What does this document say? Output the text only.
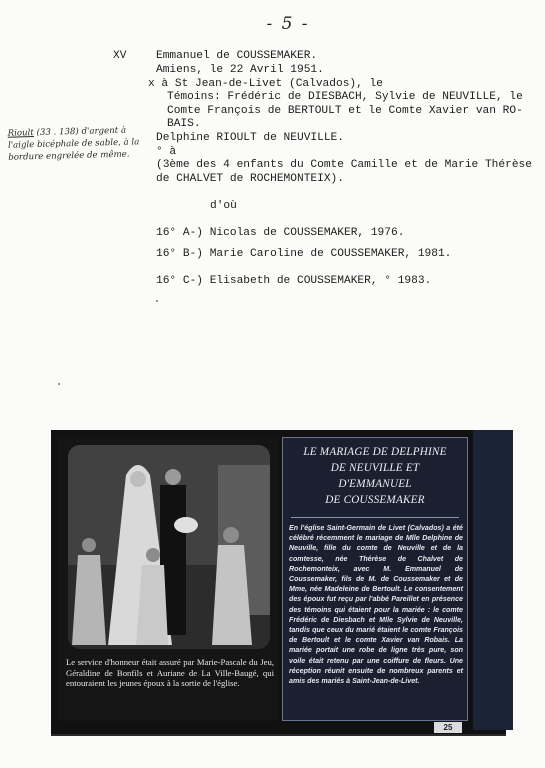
- 5 -
XV	Emmanuel de COUSSEMAKER.
Amiens, le 22 Avril 1951.
x à St Jean-de-Livet (Calvados), le
Témoins: Frédéric de DIESBACH, Sylvie de NEUVILLE, le
Comte François de BERTOULT et le Comte Xavier van RO-
BAIS.
Delphine RIOULT de NEUVILLE.
° à
(3ème des 4 enfants du Comte Camille et de Marie Thérèse
de CHALVET de ROCHEMONTEIX).
d'où
16° A-) Nicolas de COUSSEMAKER, 1976.
16° B-) Marie Caroline de COUSSEMAKER, 1981.
16° C-) Elisabeth de COUSSEMAKER, ° 1983.
Rioult (33 . 138) d'argent à l'aigle bicéphale de sable, à la bordure engrelée de même.
Le service d'honneur était assuré par Marie-Pascale du Jeu, Géraldine de Bonfils et Auriane de La Ville-Baugé, qui entouraient les jeunes époux à la sortie de l'église.
LE MARIAGE DE DELPHINE
DE NEUVILLE ET
D'EMMANUEL
DE COUSSEMAKER
En l'église Saint-Germain de Livet (Calvados) a été célébré récemment le mariage de Mlle Delphine de Neuville, fille du comte de Neuville et de la comtesse, née Thérèse de Chalvet de Rochemonteix, avec M. Emmanuel de Coussemaker, fils de M. de Coussemaker et de Mme, née Madeleine de Bertoult. Le consentement des époux fut reçu par l'abbé Pareillet en présence des témoins qui étaient pour la mariée : le comte Frédéric de Diesbach et Mlle Sylvie de Neuville, tandis que ceux du marié étaient le comte François de Bertoult et le comte Xavier van Robais. La mariée portait une robe de ligne très pure, son voile était retenu par une coiffure de fleurs. Une réception réunit ensuite de nombreux parents et amis des mariés à Saint-Jean-de-Livet.
25
